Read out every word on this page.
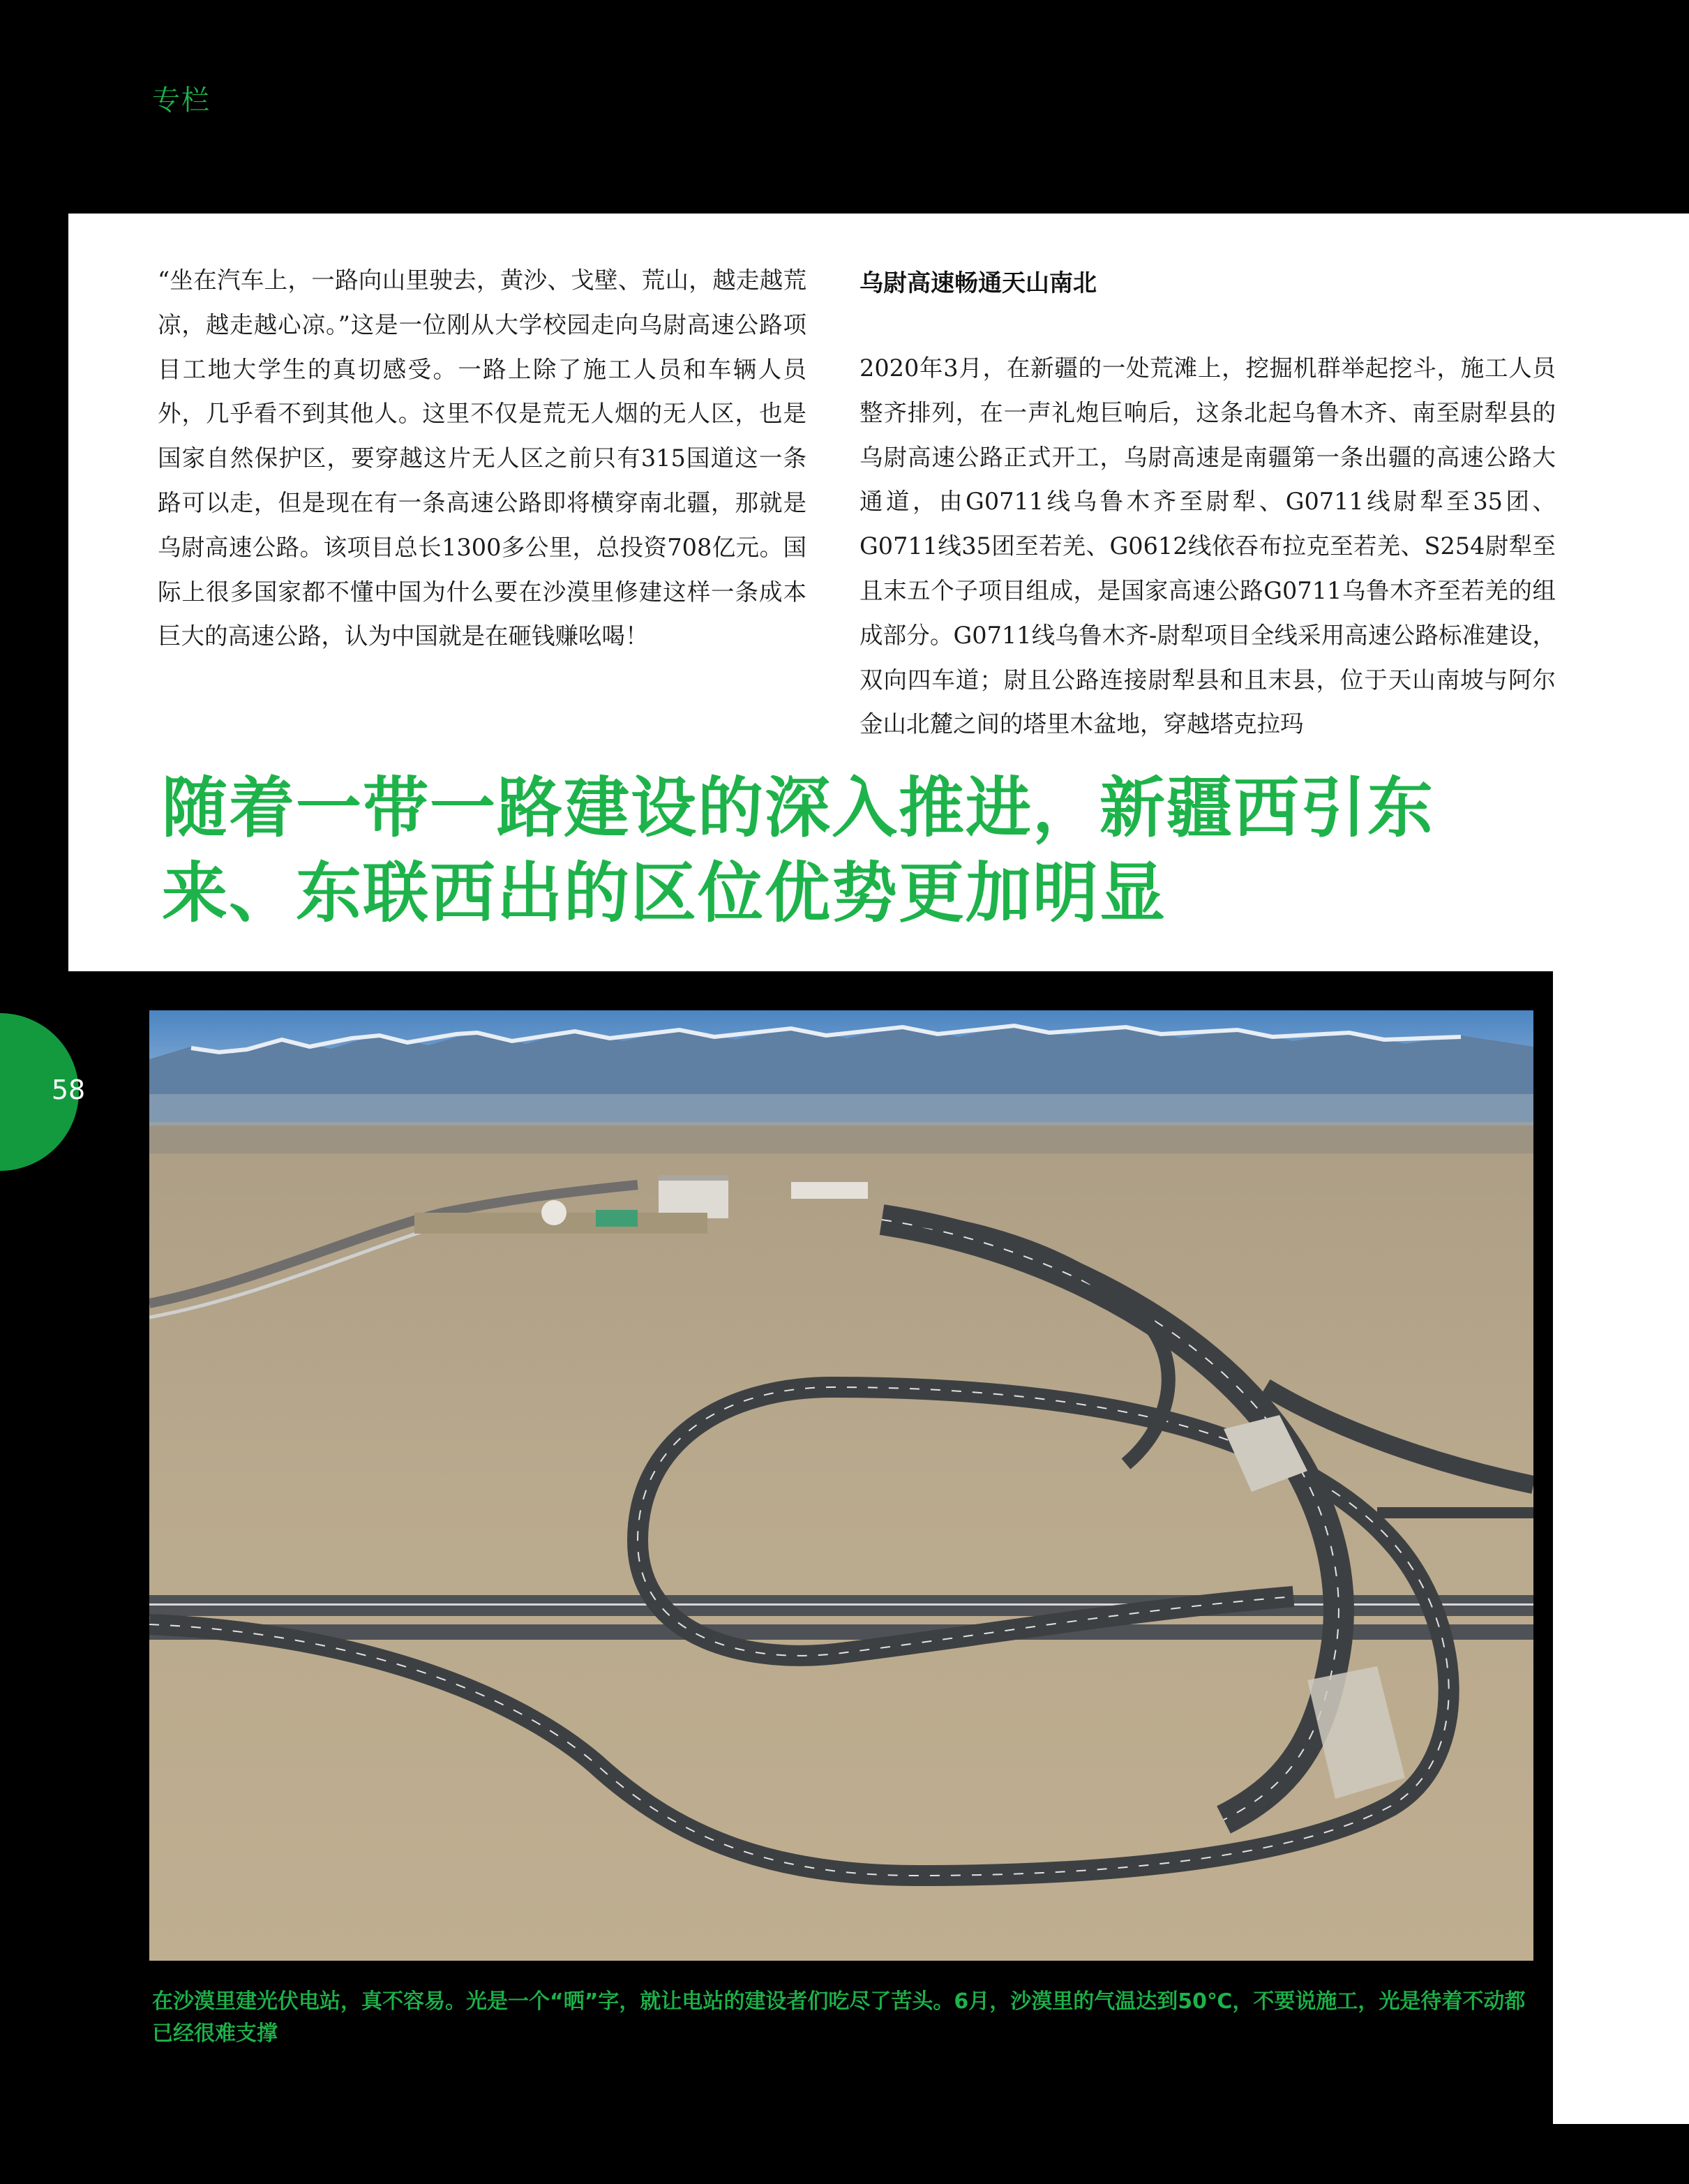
专栏

“坐在汽车上，一路向山里驶去，黄沙、戈壁、荒山，越走越荒凉，越走越心凉。”这是一位刚从大学校园走向乌尉高速公路项目工地大学生的真切感受。一路上除了施工人员和车辆人员外，几乎看不到其他人。这里不仅是荒无人烟的无人区，也是国家自然保护区，要穿越这片无人区之前只有315国道这一条路可以走，但是现在有一条高速公路即将横穿南北疆，那就是乌尉高速公路。该项目总长1300多公里，总投资708亿元。国际上很多国家都不懂中国为什么要在沙漠里修建这样一条成本巨大的高速公路，认为中国就是在砸钱赚吆喝！

乌尉高速畅通天山南北

2020年3月，在新疆的一处荒滩上，挖掘机群举起挖斗，施工人员整齐排列，在一声礼炮巨响后，这条北起乌鲁木齐、南至尉犁县的乌尉高速公路正式开工，乌尉高速是南疆第一条出疆的高速公路大通道，由G0711线乌鲁木齐至尉犁、G0711线尉犁至35团、G0711线35团至若羌、G0612线依吞布拉克至若羌、S254尉犁至且末五个子项目组成，是国家高速公路G0711乌鲁木齐至若羌的组成部分。G0711线乌鲁木齐-尉犁项目全线采用高速公路标准建设，双向四车道；尉且公路连接尉犁县和且末县，位于天山南坡与阿尔金山北麓之间的塔里木盆地，穿越塔克拉玛

随着一带一路建设的深入推进，新疆西引东来、东联西出的区位优势更加明显
58

在沙漠里建光伏电站，真不容易。光是一个“晒”字，就让电站的建设者们吃尽了苦头。6月，沙漠里的气温达到50℃，不要说施工，光是待着不动都已经很难支撑
